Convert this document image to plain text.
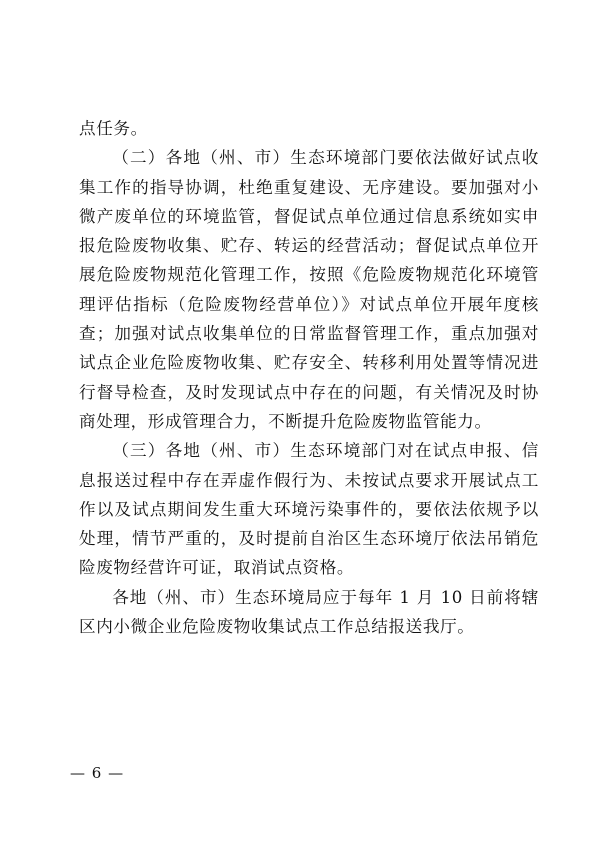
点任务。

（二）各地（州、市）生态环境部门要依法做好试点收集工作的指导协调，杜绝重复建设、无序建设。要加强对小微产废单位的环境监管，督促试点单位通过信息系统如实申报危险废物收集、贮存、转运的经营活动；督促试点单位开展危险废物规范化管理工作，按照《危险废物规范化环境管理评估指标（危险废物经营单位）》对试点单位开展年度核查；加强对试点收集单位的日常监督管理工作，重点加强对试点企业危险废物收集、贮存安全、转移利用处置等情况进行督导检查，及时发现试点中存在的问题，有关情况及时协商处理，形成管理合力，不断提升危险废物监管能力。

（三）各地（州、市）生态环境部门对在试点申报、信息报送过程中存在弄虚作假行为、未按试点要求开展试点工作以及试点期间发生重大环境污染事件的，要依法依规予以处理，情节严重的，及时提前自治区生态环境厅依法吊销危险废物经营许可证，取消试点资格。

各地（州、市）生态环境局应于每年 1 月 10 日前将辖区内小微企业危险废物收集试点工作总结报送我厅。

— 6 —
